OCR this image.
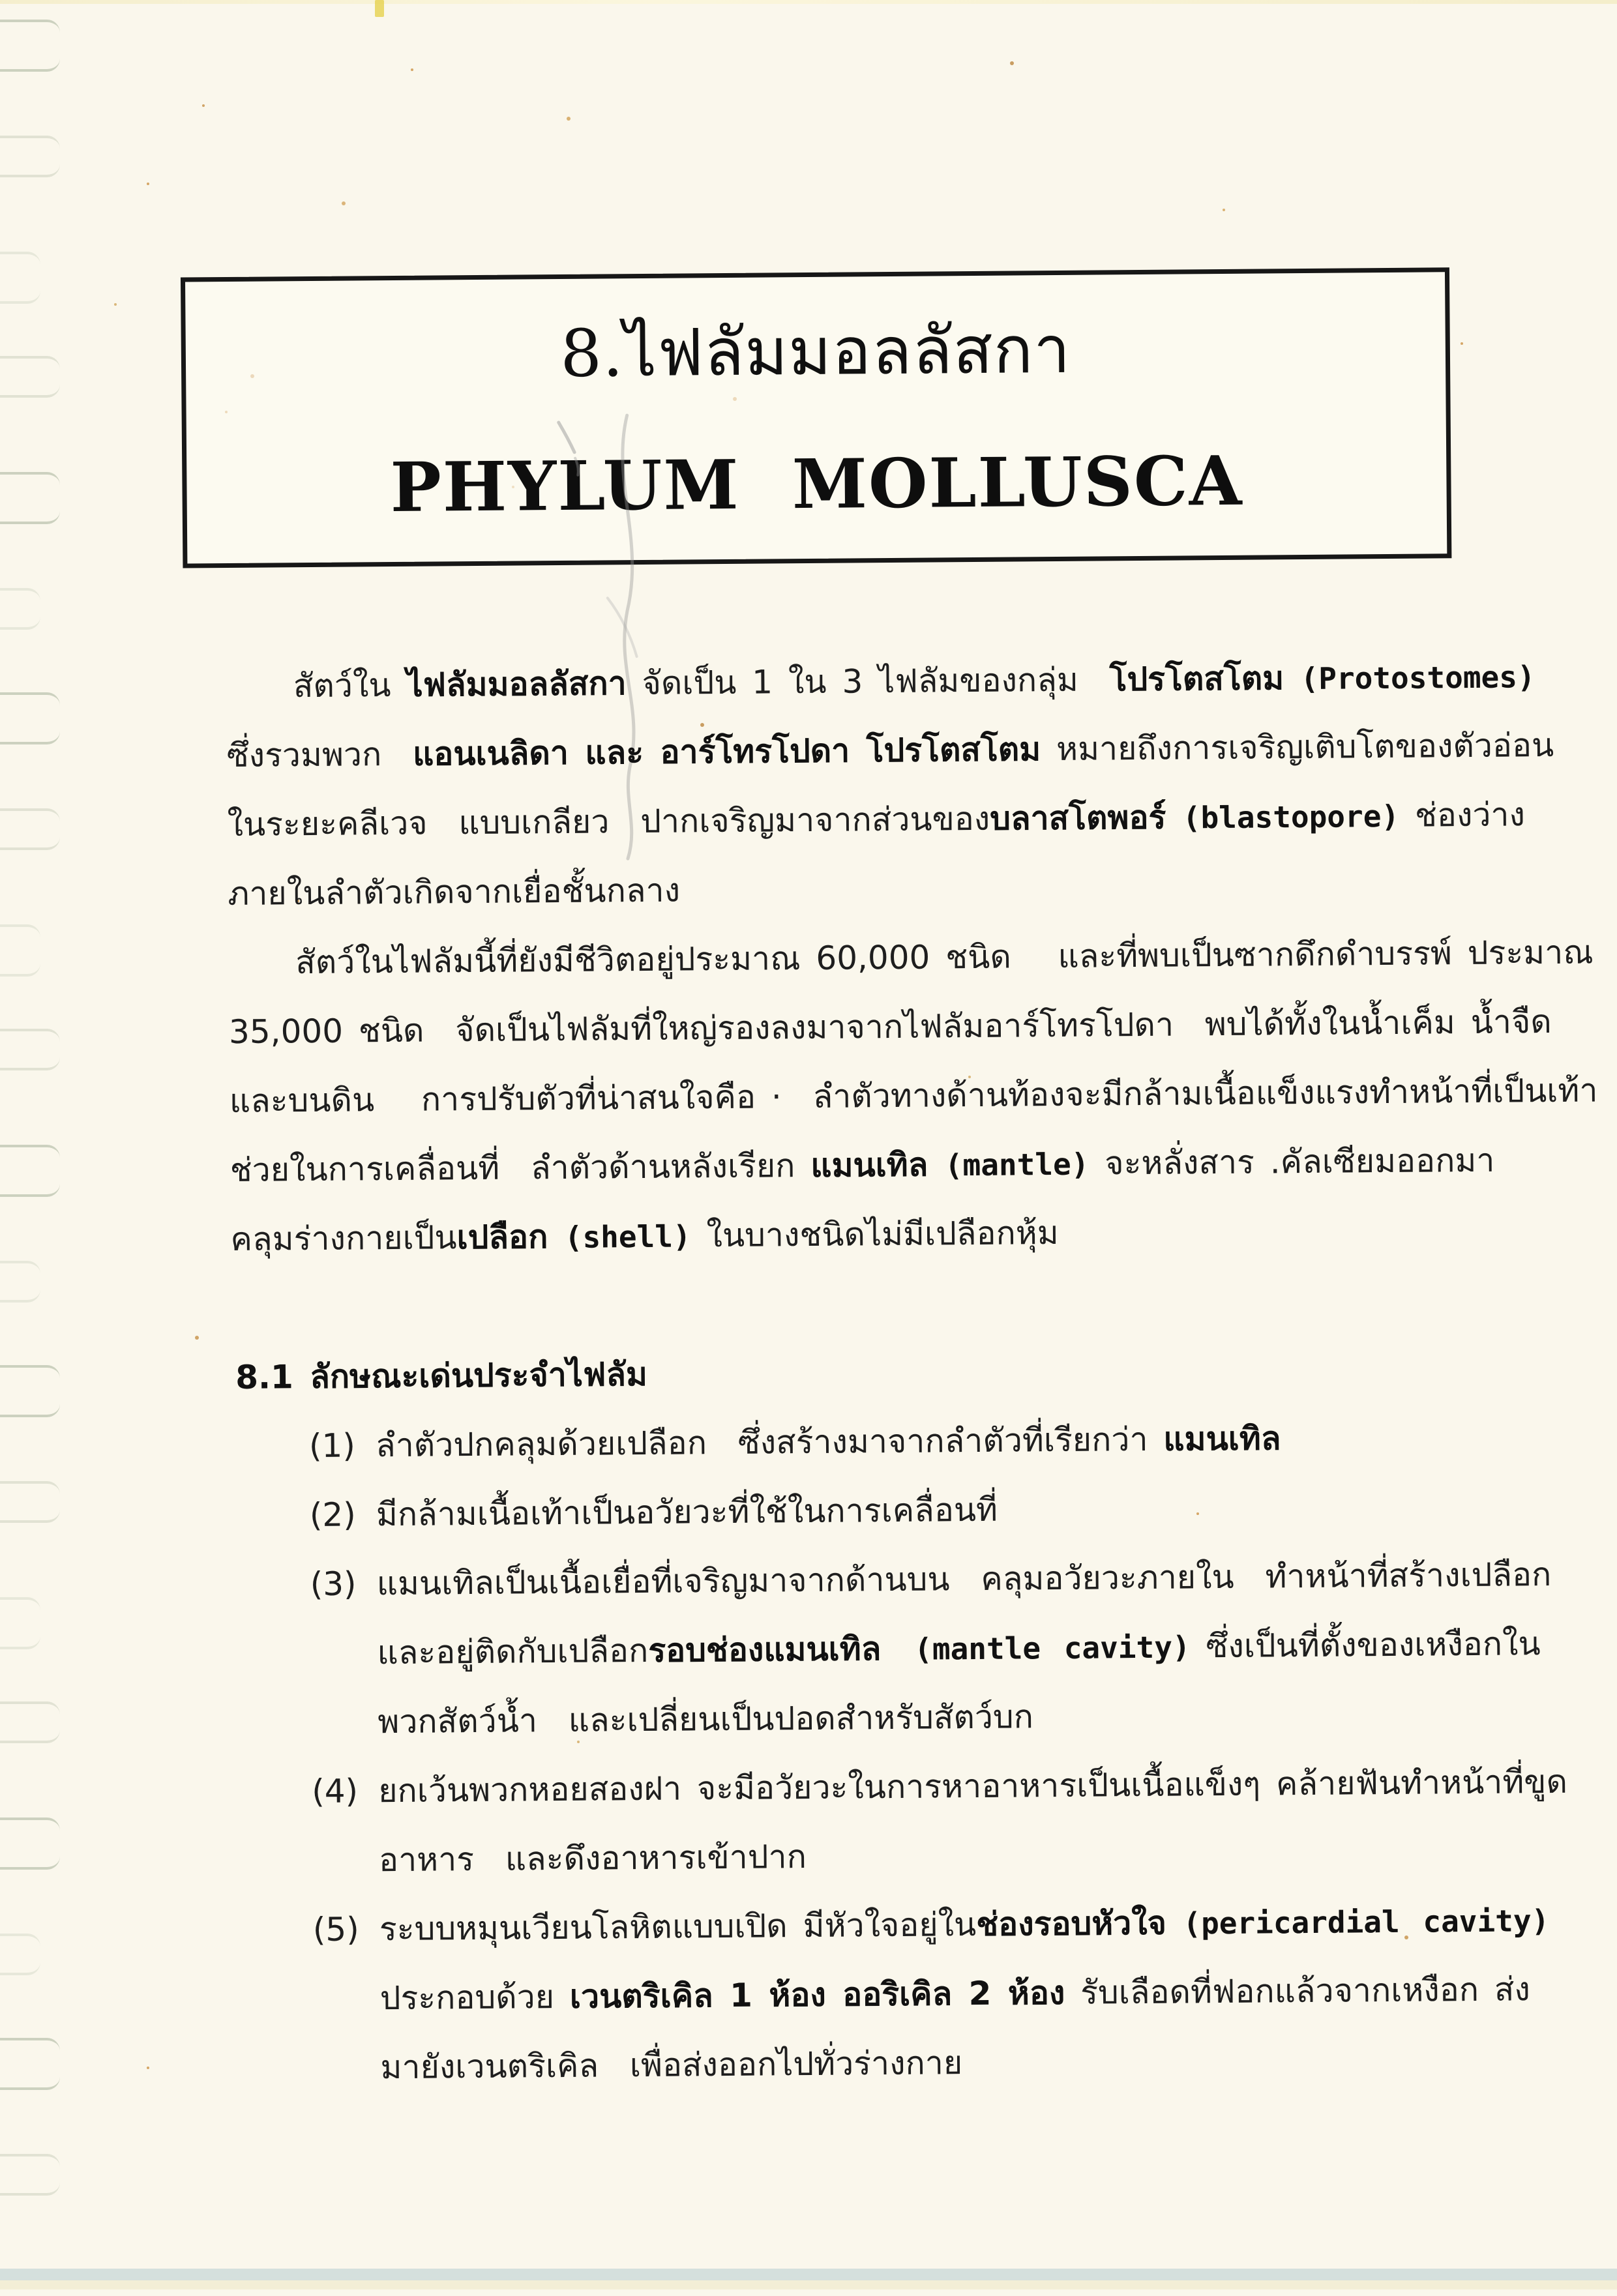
8.ไฟลัมมอลลัสกา
PHYLUM MOLLUSCA
สัตว์ใน ไฟลัมมอลลัสกา จัดเป็น 1 ใน 3 ไฟลัมของกลุ่ม  โปรโตสโตม (Protostomes)
ซึ่งรวมพวก  แอนเนลิดา และ อาร์โทรโปดา โปรโตสโตม หมายถึงการเจริญเติบโตของตัวอ่อน
ในระยะคลีเวจ  แบบเกลียว  ปากเจริญมาจากส่วนของบลาสโตพอร์ (blastopore) ช่องว่าง
ภายในลำตัวเกิดจากเยื่อชั้นกลาง
สัตว์ในไฟลัมนี้ที่ยังมีชีวิตอยู่ประมาณ 60,000 ชนิด   และที่พบเป็นซากดึกดำบรรพ์ ประมาณ
35,000 ชนิด  จัดเป็นไฟลัมที่ใหญ่รองลงมาจากไฟลัมอาร์โทรโปดา  พบได้ทั้งในน้ำเค็ม น้ำจืด
และบนดิน   การปรับตัวที่น่าสนใจคือ ·  ลำตัวทางด้านท้องจะมีกล้ามเนื้อแข็งแรงทำหน้าที่เป็นเท้า
ช่วยในการเคลื่อนที่  ลำตัวด้านหลังเรียก แมนเทิล (mantle) จะหลั่งสาร .คัลเซียมออกมา
คลุมร่างกายเป็นเปลือก (shell) ในบางชนิดไม่มีเปลือกหุ้ม
8.1 ลักษณะเด่นประจำไฟลัม
(1) ลำตัวปกคลุมด้วยเปลือก  ซึ่งสร้างมาจากลำตัวที่เรียกว่า แมนเทิล
(2) มีกล้ามเนื้อเท้าเป็นอวัยวะที่ใช้ในการเคลื่อนที่
(3) แมนเทิลเป็นเนื้อเยื่อที่เจริญมาจากด้านบน  คลุมอวัยวะภายใน  ทำหน้าที่สร้างเปลือก
และอยู่ติดกับเปลือกรอบช่องแมนเทิล  (mantle cavity) ซึ่งเป็นที่ตั้งของเหงือกใน
พวกสัตว์น้ำ  และเปลี่ยนเป็นปอดสำหรับสัตว์บก
(4) ยกเว้นพวกหอยสองฝา จะมีอวัยวะในการหาอาหารเป็นเนื้อแข็งๆ คล้ายฟันทำหน้าที่ขูด
อาหาร  และดึงอาหารเข้าปาก
(5) ระบบหมุนเวียนโลหิตแบบเปิด มีหัวใจอยู่ในช่องรอบหัวใจ (pericardial cavity)
ประกอบด้วย เวนตริเคิล 1 ห้อง ออริเคิล 2 ห้อง รับเลือดที่ฟอกแล้วจากเหงือก ส่ง
มายังเวนตริเคิล  เพื่อส่งออกไปทั่วร่างกาย
